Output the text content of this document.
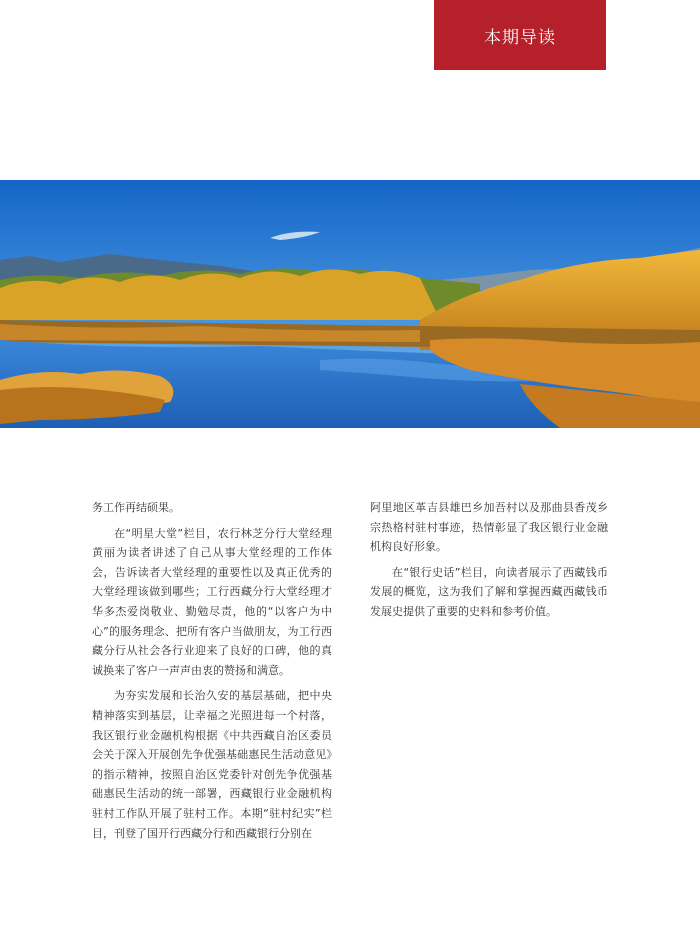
本期导读

务工作再结硕果。

在“明星大堂”栏目，农行林芝分行大堂经理黄丽为读者讲述了自己从事大堂经理的工作体会，告诉读者大堂经理的重要性以及真正优秀的大堂经理该做到哪些；工行西藏分行大堂经理才华多杰爱岗敬业、勤勉尽责，他的“以客户为中心”的服务理念、把所有客户当做朋友，为工行西藏分行从社会各行业迎来了良好的口碑，他的真诚换来了客户一声声由衷的赞扬和满意。

为夯实发展和长治久安的基层基础，把中央精神落实到基层，让幸福之光照进每一个村落，我区银行业金融机构根据《中共西藏自治区委员会关于深入开展创先争优强基础惠民生活动意见》的指示精神，按照自治区党委针对创先争优强基础惠民生活动的统一部署，西藏银行业金融机构驻村工作队开展了驻村工作。本期“驻村纪实”栏目，刊登了国开行西藏分行和西藏银行分别在

阿里地区革吉县雄巴乡加吾村以及那曲县香茂乡宗热格村驻村事迹，热情彰显了我区银行业金融机构良好形象。

在“银行史话”栏目，向读者展示了西藏钱币发展的概览，这为我们了解和掌握西藏西藏钱币发展史提供了重要的史料和参考价值。
